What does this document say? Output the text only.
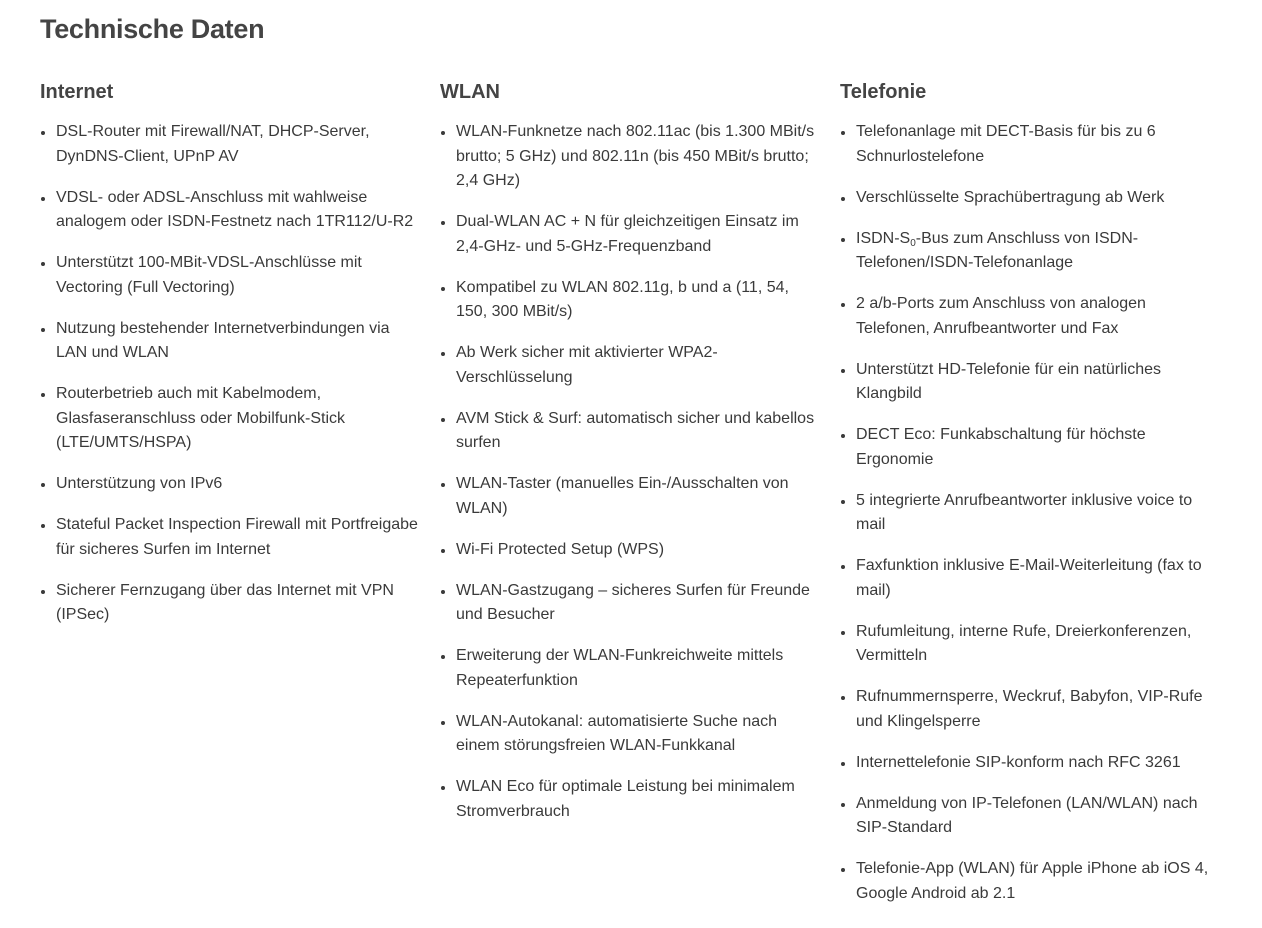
Technische Daten
Internet
DSL-Router mit Firewall/NAT, DHCP-Server, DynDNS-Client, UPnP AV
VDSL- oder ADSL-Anschluss mit wahlweise analogem oder ISDN-Festnetz nach 1TR112/U-R2
Unterstützt 100-MBit-VDSL-Anschlüsse mit Vectoring (Full Vectoring)
Nutzung bestehender Internetverbindungen via LAN und WLAN
Routerbetrieb auch mit Kabelmodem, Glasfaseranschluss oder Mobilfunk-Stick (LTE/UMTS/HSPA)
Unterstützung von IPv6
Stateful Packet Inspection Firewall mit Portfreigabe für sicheres Surfen im Internet
Sicherer Fernzugang über das Internet mit VPN (IPSec)
WLAN
WLAN-Funknetze nach 802.11ac (bis 1.300 MBit/s brutto; 5 GHz) und 802.11n (bis 450 MBit/s brutto; 2,4 GHz)
Dual-WLAN AC + N für gleichzeitigen Einsatz im 2,4-GHz- und 5-GHz-Frequenzband
Kompatibel zu WLAN 802.11g, b und a (11, 54, 150, 300 MBit/s)
Ab Werk sicher mit aktivierter WPA2-Verschlüsselung
AVM Stick & Surf: automatisch sicher und kabellos surfen
WLAN-Taster (manuelles Ein-/Ausschalten von WLAN)
Wi-Fi Protected Setup (WPS)
WLAN-Gastzugang – sicheres Surfen für Freunde und Besucher
Erweiterung der WLAN-Funkreichweite mittels Repeaterfunktion
WLAN-Autokanal: automatisierte Suche nach einem störungsfreien WLAN-Funkkanal
WLAN Eco für optimale Leistung bei minimalem Stromverbrauch
Telefonie
Telefonanlage mit DECT-Basis für bis zu 6 Schnurlostelefone
Verschlüsselte Sprachübertragung ab Werk
ISDN-$S_0$-Bus zum Anschluss von ISDN-Telefonen/ISDN-Telefonanlage
2 a/b-Ports zum Anschluss von analogen Telefonen, Anrufbeantworter und Fax
Unterstützt HD-Telefonie für ein natürliches Klangbild
DECT Eco: Funkabschaltung für höchste Ergonomie
5 integrierte Anrufbeantworter inklusive voice to mail
Faxfunktion inklusive E-Mail-Weiterleitung (fax to mail)
Rufumleitung, interne Rufe, Dreierkonferenzen, Vermitteln
Rufnummernsperre, Weckruf, Babyfon, VIP-Rufe und Klingelsperre
Internettelefonie SIP-konform nach RFC 3261
Anmeldung von IP-Telefonen (LAN/WLAN) nach SIP-Standard
Telefonie-App (WLAN) für Apple iPhone ab iOS 4, Google Android ab 2.1
